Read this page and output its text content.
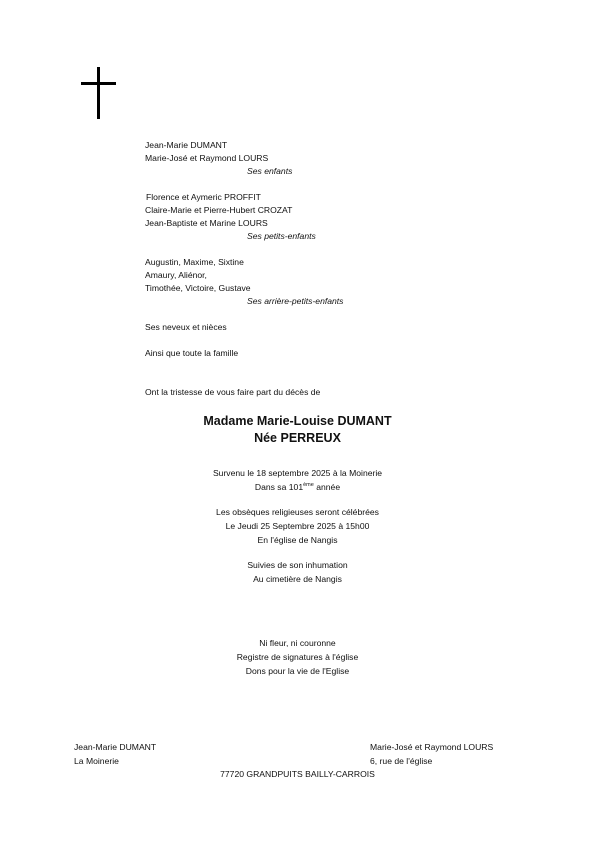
Jean-Marie DUMANT
Marie-José et Raymond LOURS
Ses enfants
Florence et Aymeric PROFFIT
Claire-Marie et Pierre-Hubert CROZAT
Jean-Baptiste et Marine LOURS
Ses petits-enfants
Augustin, Maxime, Sixtine
Amaury, Aliénor,
Timothée, Victoire, Gustave
Ses arrière-petits-enfants
Ses neveux et nièces
Ainsi que toute la famille
Ont la tristesse de vous faire part du décès de
Madame Marie-Louise DUMANT
Née PERREUX
Survenu le 18 septembre 2025 à la Moinerie
Dans sa 101ème année
Les obsèques religieuses seront célébrées
Le Jeudi 25 Septembre 2025 à 15h00
En l'église de Nangis
Suivies de son inhumation
Au cimetière de Nangis
Ni fleur, ni couronne
Registre de signatures à l'église
Dons pour la vie de l'Eglise
Jean-Marie DUMANT
La Moinerie
Marie-José et Raymond LOURS
6, rue de l'église
77720 GRANDPUITS BAILLY-CARROIS
